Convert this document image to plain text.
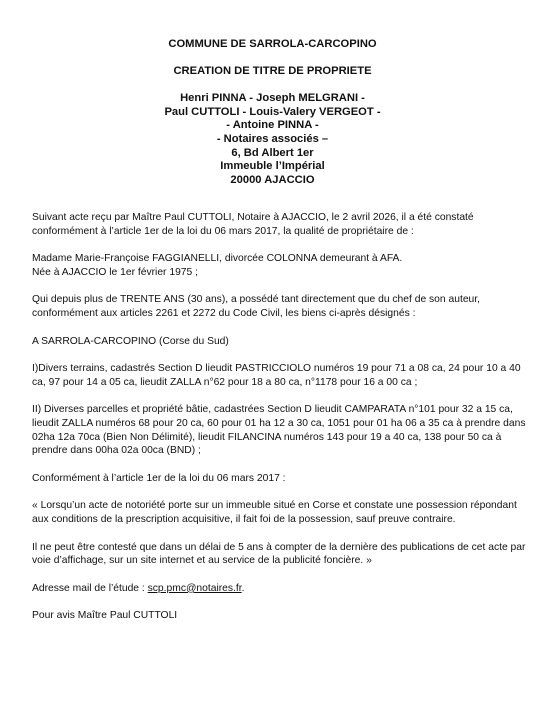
COMMUNE DE SARROLA-CARCOPINO
CREATION DE TITRE DE PROPRIETE
Henri PINNA - Joseph MELGRANI -
Paul CUTTOLI - Louis-Valery VERGEOT -
- Antoine PINNA -
- Notaires associés –
6, Bd Albert 1er
Immeuble l’Impérial
20000 AJACCIO

Suivant acte reçu par Maître Paul CUTTOLI, Notaire à AJACCIO, le 2 avril 2026, il a été constaté conformément à l’article 1er de la loi du 06 mars 2017, la qualité de propriétaire de :

Madame Marie-Françoise FAGGIANELLI, divorcée COLONNA demeurant à AFA.
Née à AJACCIO le 1er février 1975 ;

Qui depuis plus de TRENTE ANS (30 ans), a possédé tant directement que du chef de son auteur, conformément aux articles 2261 et 2272 du Code Civil, les biens ci-après désignés :

A SARROLA-CARCOPINO (Corse du Sud)

I)Divers terrains, cadastrés Section D lieudit PASTRICCIOLO numéros 19 pour 71 a 08 ca, 24 pour 10 a 40 ca, 97 pour 14 a 05 ca, lieudit ZALLA n°62 pour 18 a 80 ca, n°1178 pour 16 a 00 ca ;

II) Diverses parcelles et propriété bâtie, cadastrées Section D lieudit CAMPARATA n°101 pour 32 a 15 ca, lieudit ZALLA numéros 68 pour 20 ca, 60 pour 01 ha 12 a 30 ca, 1051 pour 01 ha 06 a 35 ca à prendre dans 02ha 12a 70ca (Bien Non Délimité), lieudit FILANCINA numéros 143 pour 19 a 40 ca, 138 pour 50 ca à prendre dans 00ha 02a 00ca (BND) ;

Conformément à l’article 1er de la loi du 06 mars 2017 :

« Lorsqu’un acte de notoriété porte sur un immeuble situé en Corse et constate une possession répondant aux conditions de la prescription acquisitive, il fait foi de la possession, sauf preuve contraire.

Il ne peut être contesté que dans un délai de 5 ans à compter de la dernière des publications de cet acte par voie d’affichage, sur un site internet et au service de la publicité foncière. »

Adresse mail de l’étude : scp.pmc@notaires.fr.

Pour avis Maître Paul CUTTOLI
